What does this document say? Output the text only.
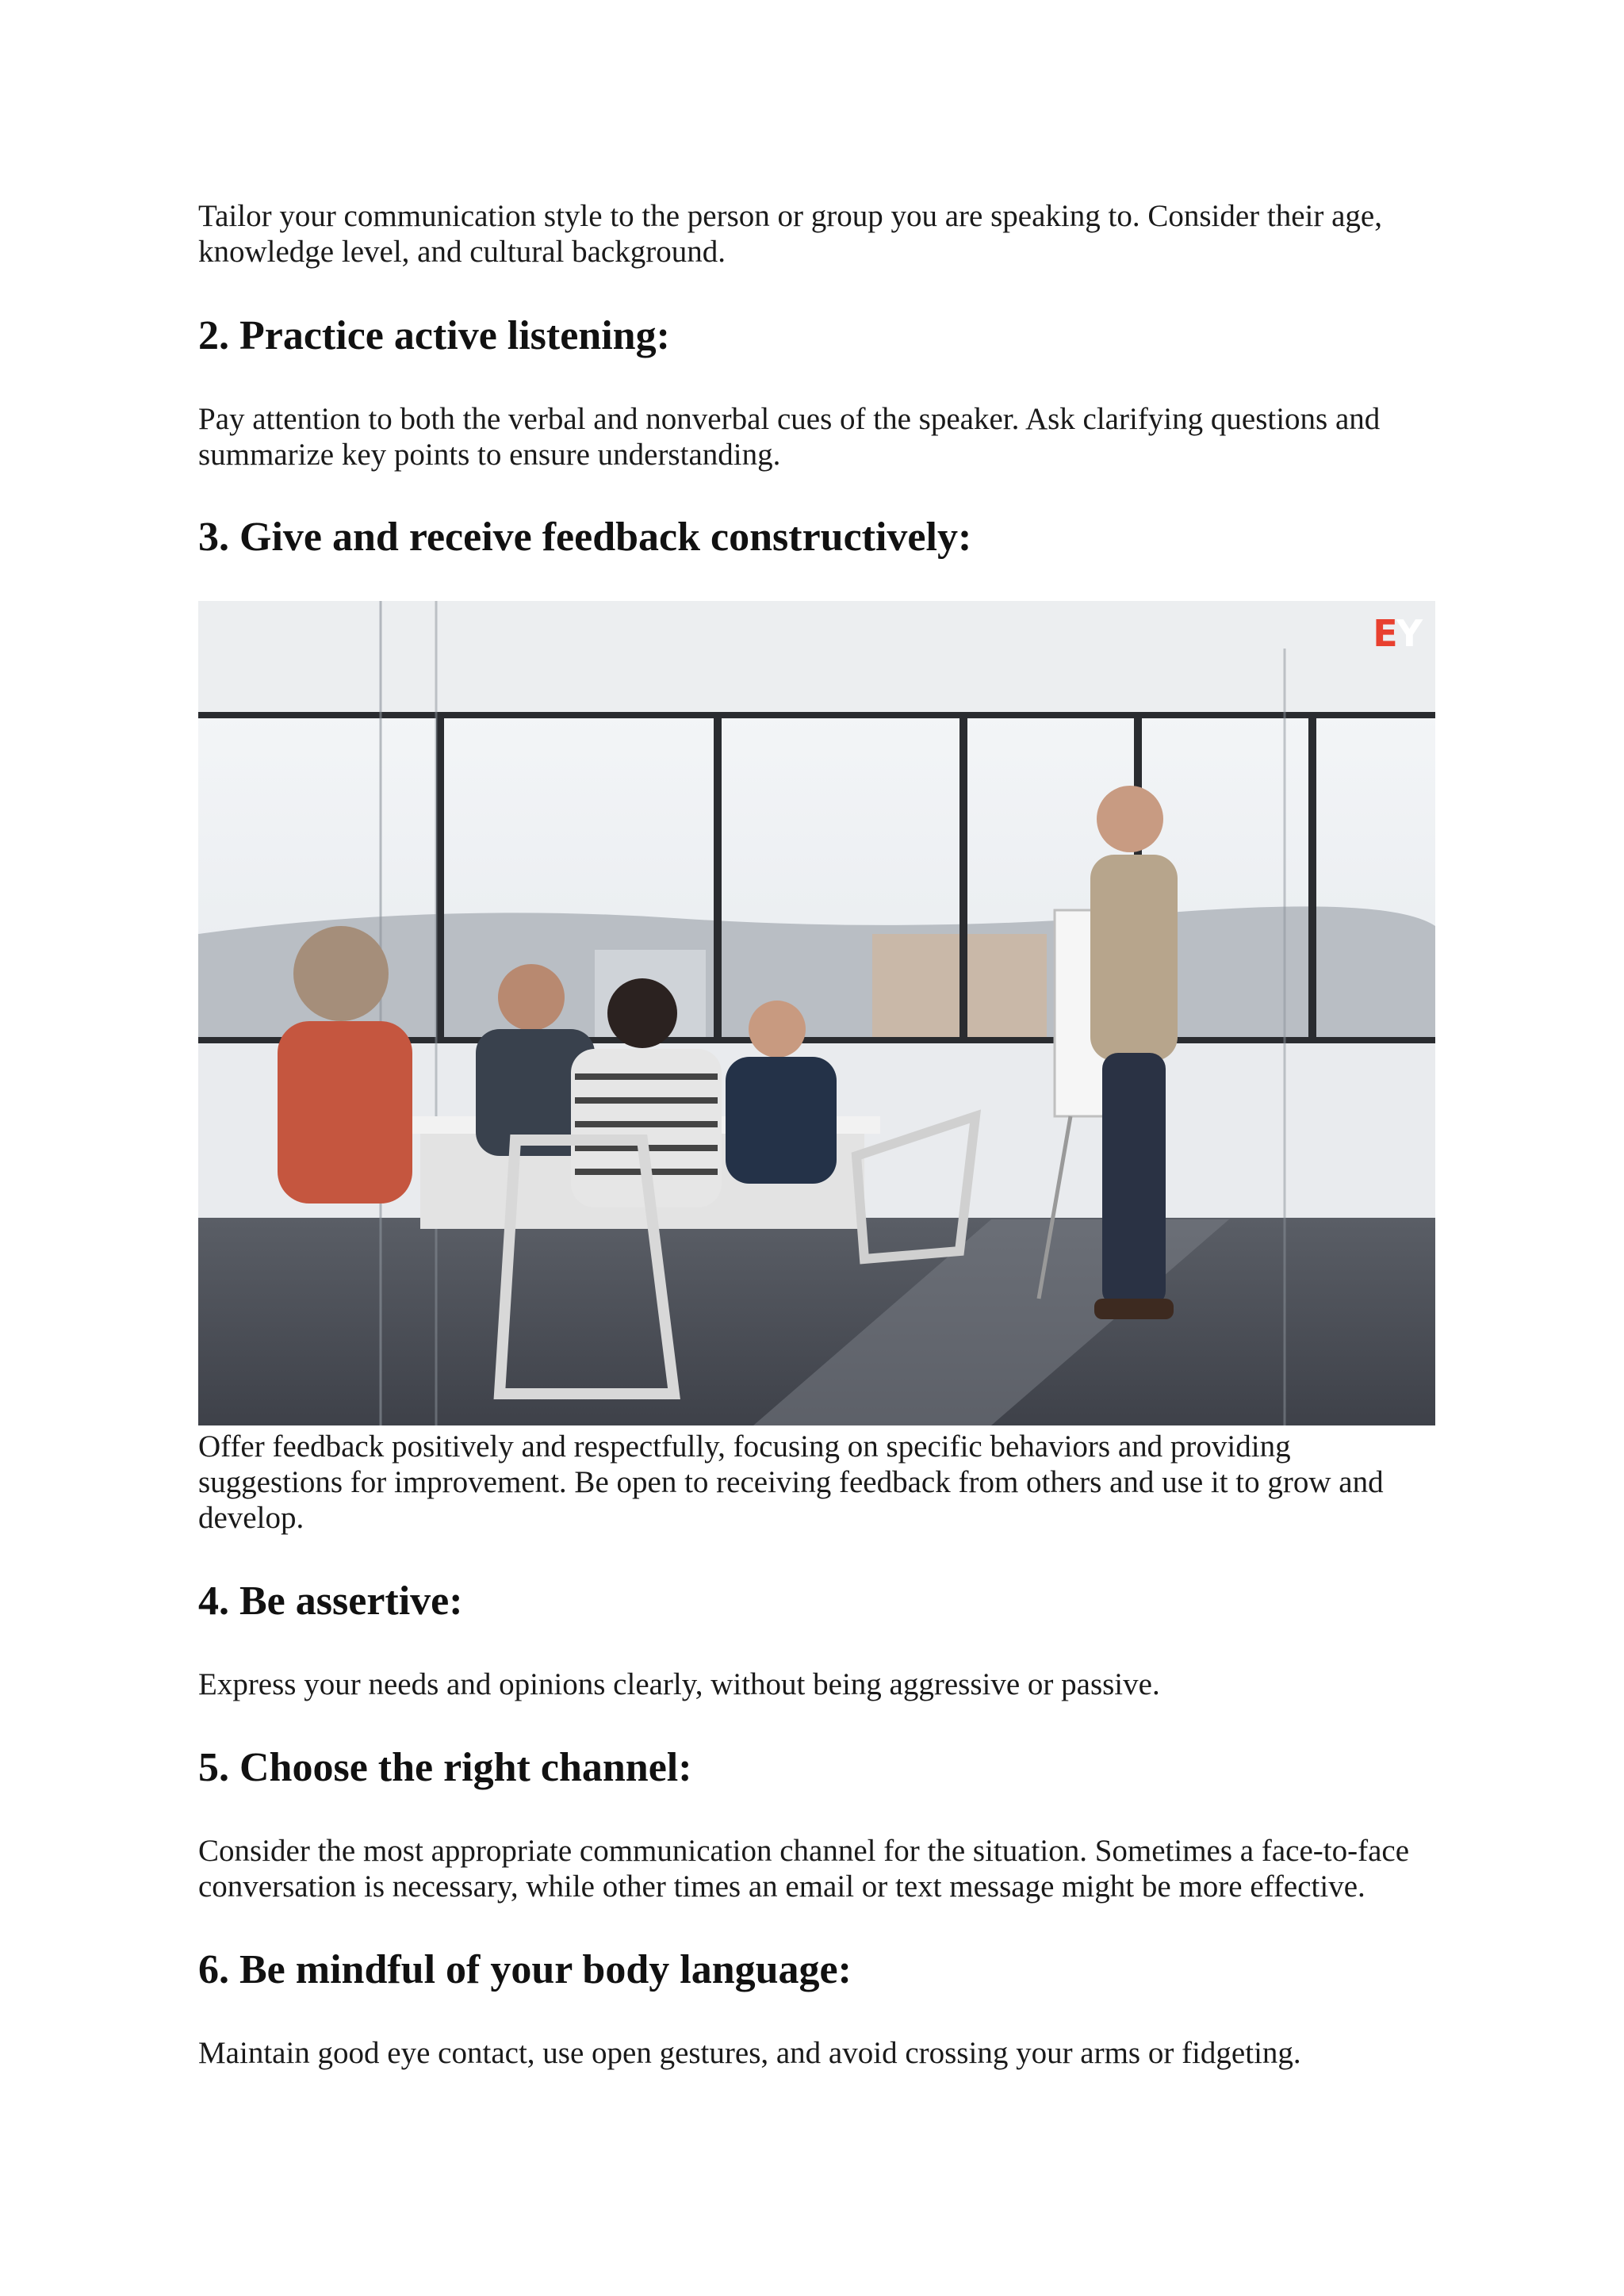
Tailor your communication style to the person or group you are speaking to. Consider their age, knowledge level, and cultural background.

2. Practice active listening:

Pay attention to both the verbal and nonverbal cues of the speaker. Ask clarifying questions and summarize key points to ensure understanding.

3. Give and receive feedback constructively:
EY

Offer feedback positively and respectfully, focusing on specific behaviors and providing suggestions for improvement. Be open to receiving feedback from others and use it to grow and develop.

4. Be assertive:

Express your needs and opinions clearly, without being aggressive or passive.

5. Choose the right channel:

Consider the most appropriate communication channel for the situation. Sometimes a face-to-face conversation is necessary, while other times an email or text message might be more effective.

6. Be mindful of your body language:

Maintain good eye contact, use open gestures, and avoid crossing your arms or fidgeting.
